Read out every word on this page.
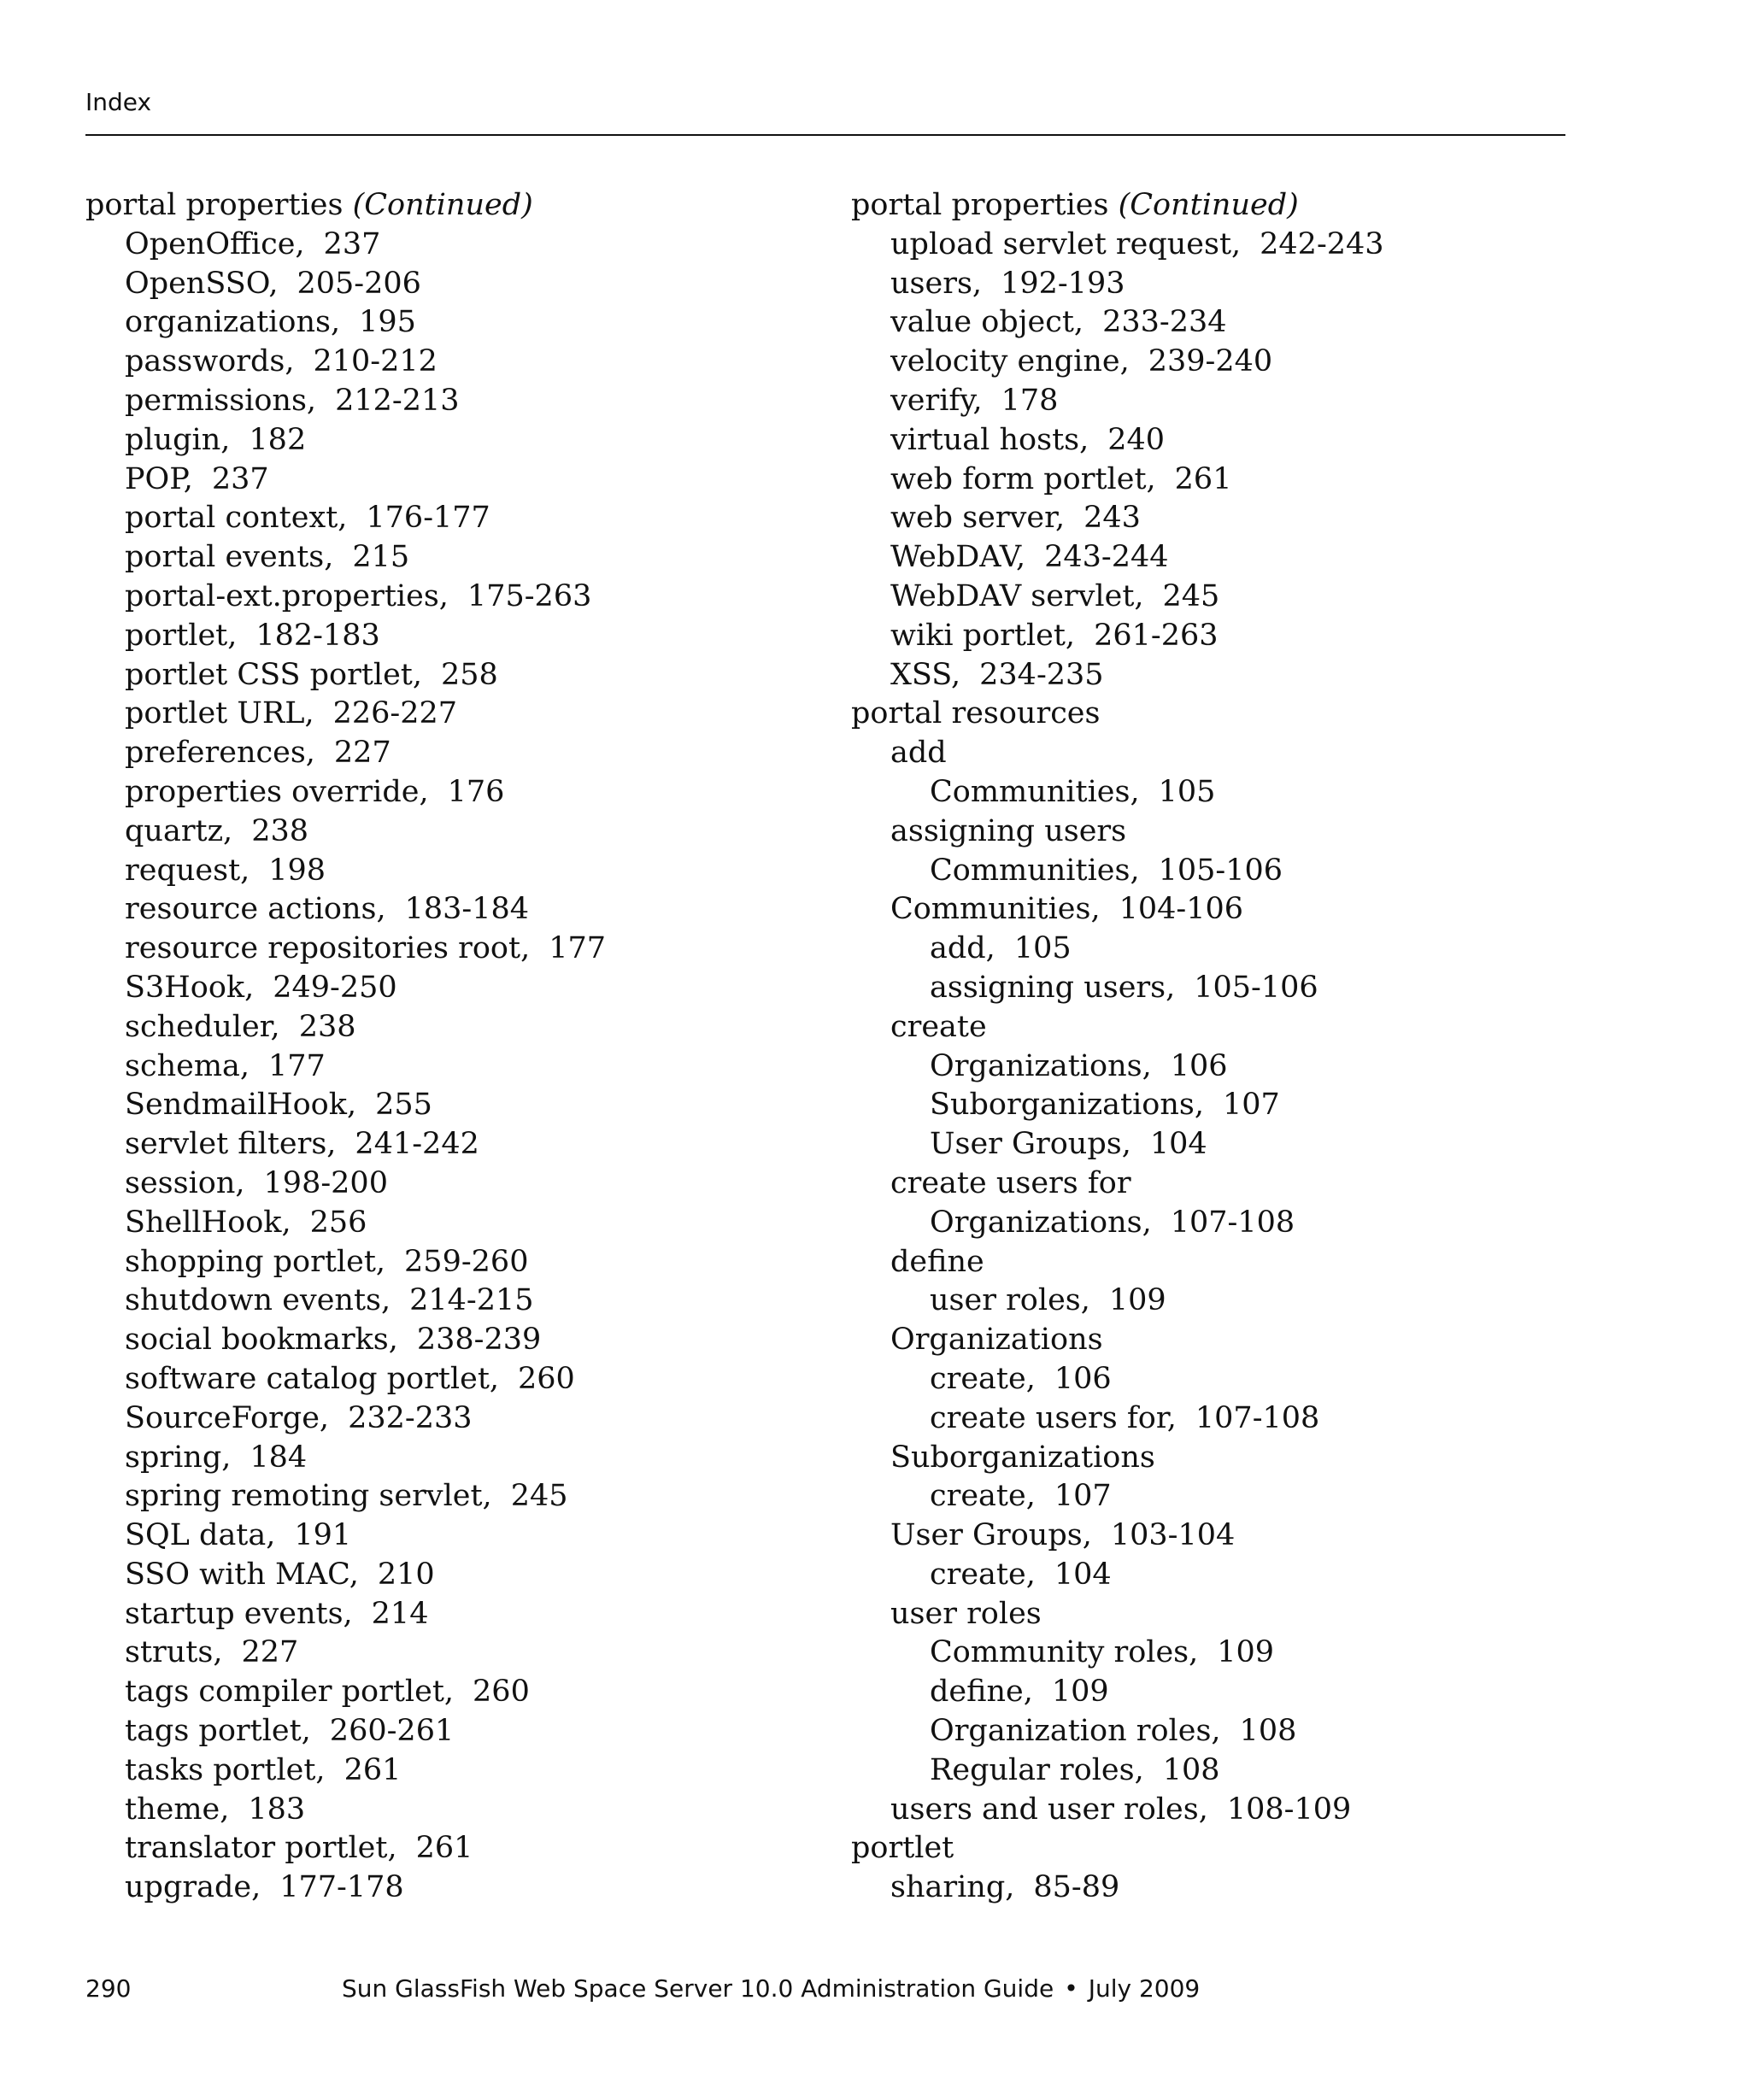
Index
portal properties (Continued)
OpenOffice, 237
OpenSSO, 205-206
organizations, 195
passwords, 210-212
permissions, 212-213
plugin, 182
POP, 237
portal context, 176-177
portal events, 215
portal-ext.properties, 175-263
portlet, 182-183
portlet CSS portlet, 258
portlet URL, 226-227
preferences, 227
properties override, 176
quartz, 238
request, 198
resource actions, 183-184
resource repositories root, 177
S3Hook, 249-250
scheduler, 238
schema, 177
SendmailHook, 255
servlet filters, 241-242
session, 198-200
ShellHook, 256
shopping portlet, 259-260
shutdown events, 214-215
social bookmarks, 238-239
software catalog portlet, 260
SourceForge, 232-233
spring, 184
spring remoting servlet, 245
SQL data, 191
SSO with MAC, 210
startup events, 214
struts, 227
tags compiler portlet, 260
tags portlet, 260-261
tasks portlet, 261
theme, 183
translator portlet, 261
upgrade, 177-178
portal properties (Continued)
upload servlet request, 242-243
users, 192-193
value object, 233-234
velocity engine, 239-240
verify, 178
virtual hosts, 240
web form portlet, 261
web server, 243
WebDAV, 243-244
WebDAV servlet, 245
wiki portlet, 261-263
XSS, 234-235
portal resources
add
Communities, 105
assigning users
Communities, 105-106
Communities, 104-106
add, 105
assigning users, 105-106
create
Organizations, 106
Suborganizations, 107
User Groups, 104
create users for
Organizations, 107-108
define
user roles, 109
Organizations
create, 106
create users for, 107-108
Suborganizations
create, 107
User Groups, 103-104
create, 104
user roles
Community roles, 109
define, 109
Organization roles, 108
Regular roles, 108
users and user roles, 108-109
portlet
sharing, 85-89
290	Sun GlassFish Web Space Server 10.0 Administration Guide • July 2009
